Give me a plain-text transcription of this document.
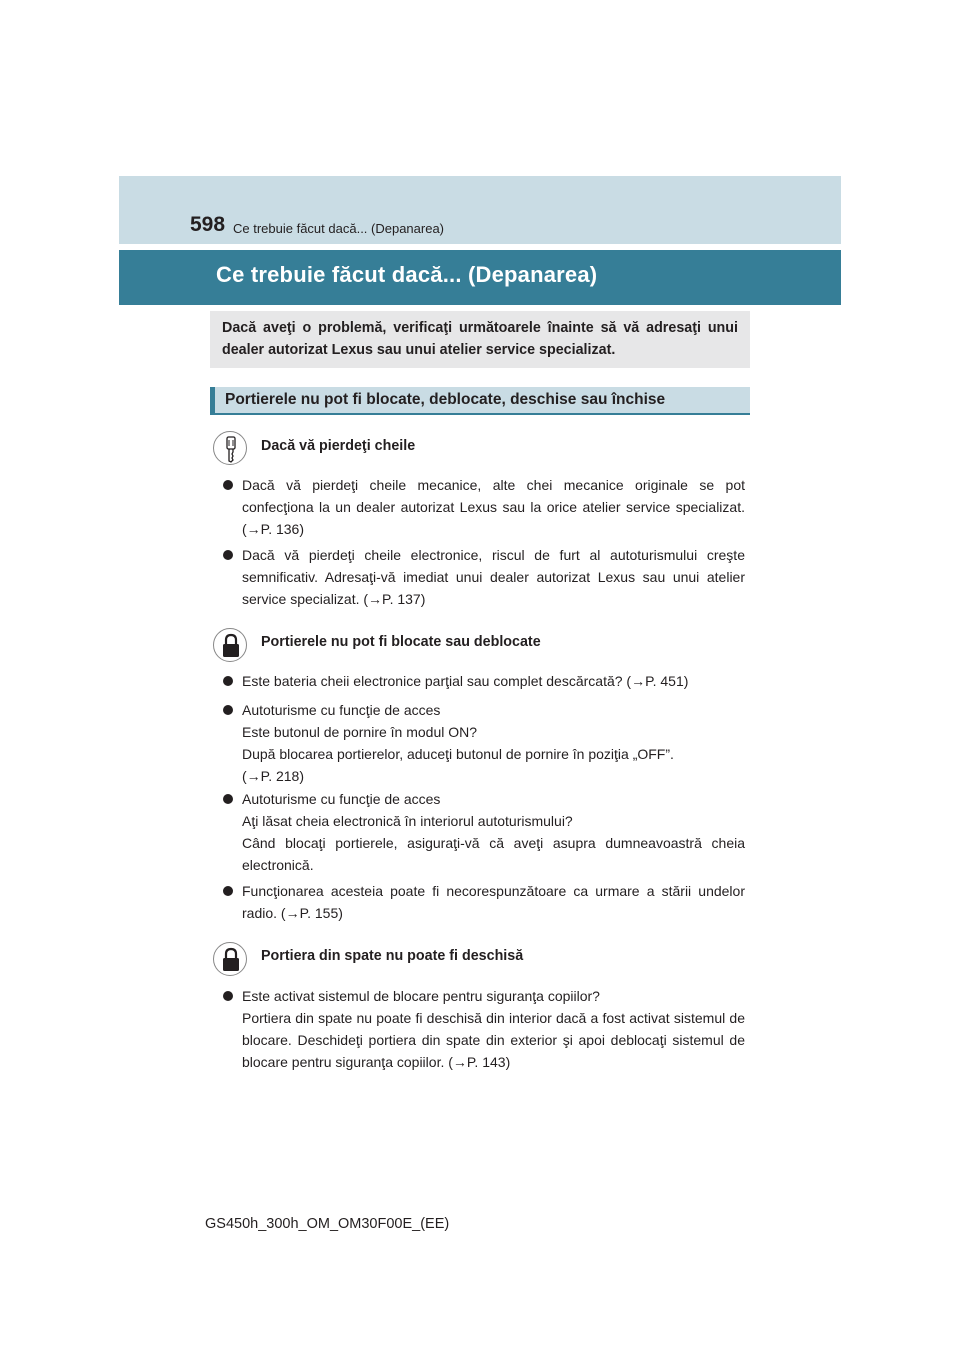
598 Ce trebuie făcut dacă... (Depanarea)
Ce trebuie făcut dacă... (Depanarea)
Dacă aveţi o problemă, verificaţi următoarele înainte să vă adresaţi unui dealer autorizat Lexus sau unui atelier service specializat.
Portierele nu pot fi blocate, deblocate, deschise sau închise
Dacă vă pierdeţi cheile
Dacă vă pierdeţi cheile mecanice, alte chei mecanice originale se pot
confecţiona la un dealer autorizat Lexus sau la orice atelier service specializat.
(→P. 136)
Dacă vă pierdeţi cheile electronice, riscul de furt al autoturismului creşte
semnificativ. Adresaţi-vă imediat unui dealer autorizat Lexus sau unui atelier
service specializat. (→P. 137)
Portierele nu pot fi blocate sau deblocate
Este bateria cheii electronice parţial sau complet descărcată? (→P. 451)
Autoturisme cu funcţie de acces
Este butonul de pornire în modul ON?
După blocarea portierelor, aduceţi butonul de pornire în poziţia „OFF”.
(→P. 218)
Autoturisme cu funcţie de acces
Aţi lăsat cheia electronică în interiorul autoturismului?
Când blocaţi portierele, asiguraţi-vă că aveţi asupra dumneavoastră cheia
electronică.
Funcţionarea acesteia poate fi necorespunzătoare ca urmare a stării undelor
radio. (→P. 155)
Portiera din spate nu poate fi deschisă
Este activat sistemul de blocare pentru siguranţa copiilor?
Portiera din spate nu poate fi deschisă din interior dacă a fost activat sistemul de
blocare. Deschideţi portiera din spate din exterior şi apoi deblocaţi sistemul de
blocare pentru siguranţa copiilor. (→P. 143)
GS450h_300h_OM_OM30F00E_(EE)
